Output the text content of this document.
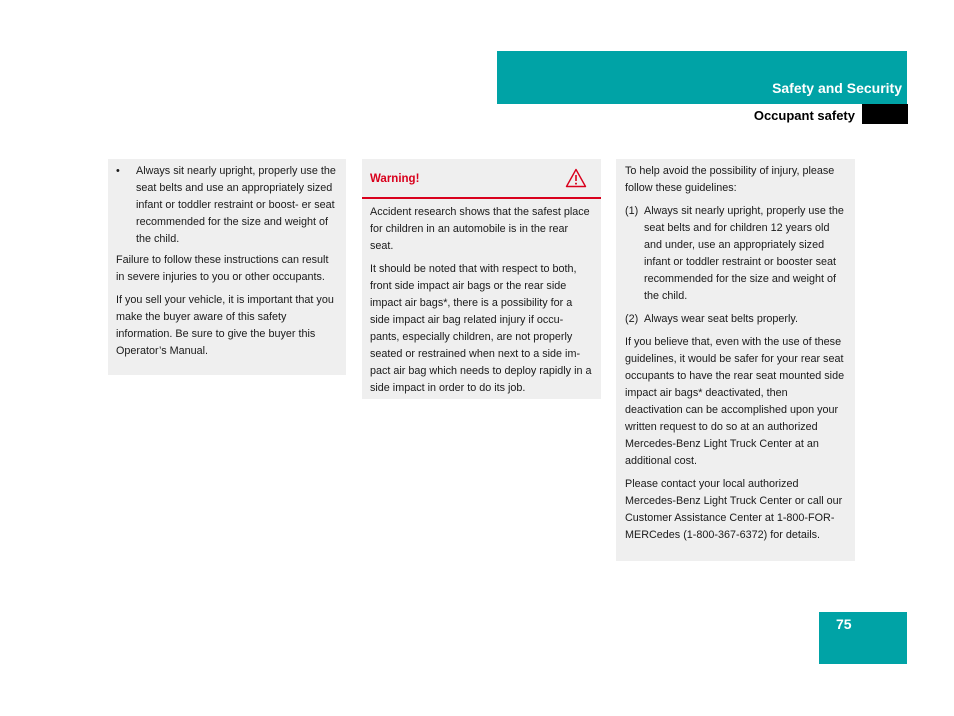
Safety and Security
Occupant safety
•	Always sit nearly upright, properly use the seat belts and use an appropriately sized infant or toddler restraint or boost- er seat recommended for the size and weight of the child.

Failure to follow these instructions can result in severe injuries to you or other occupants.

If you sell your vehicle, it is important that you make the buyer aware of this safety information. Be sure to give the buyer this Operator’s Manual.

Warning!

Accident research shows that the safest place for children in an automobile is in the rear seat.

It should be noted that with respect to both, front side impact air bags or the rear side impact air bags*, there is a possibility for a side impact air bag related injury if occu- pants, especially children, are not properly seated or restrained when next to a side im- pact air bag which needs to deploy rapidly in a side impact in order to do its job.

To help avoid the possibility of injury, please follow these guidelines:

(1) Always sit nearly upright, properly use the seat belts and for children 12 years old and under, use an appropriately sized infant or toddler restraint or booster seat recommended for the size and weight of the child.
(2) Always wear seat belts properly.

If you believe that, even with the use of these guidelines, it would be safer for your rear seat occupants to have the rear seat mounted side impact air bags* deactivated, then deactivation can be accomplished upon your written request to do so at an authorized Mercedes-Benz Light Truck Center at an additional cost.

Please contact your local authorized Mercedes-Benz Light Truck Center or call our Customer Assistance Center at 1-800-FOR-MERCedes (1-800-367-6372) for details.

75
